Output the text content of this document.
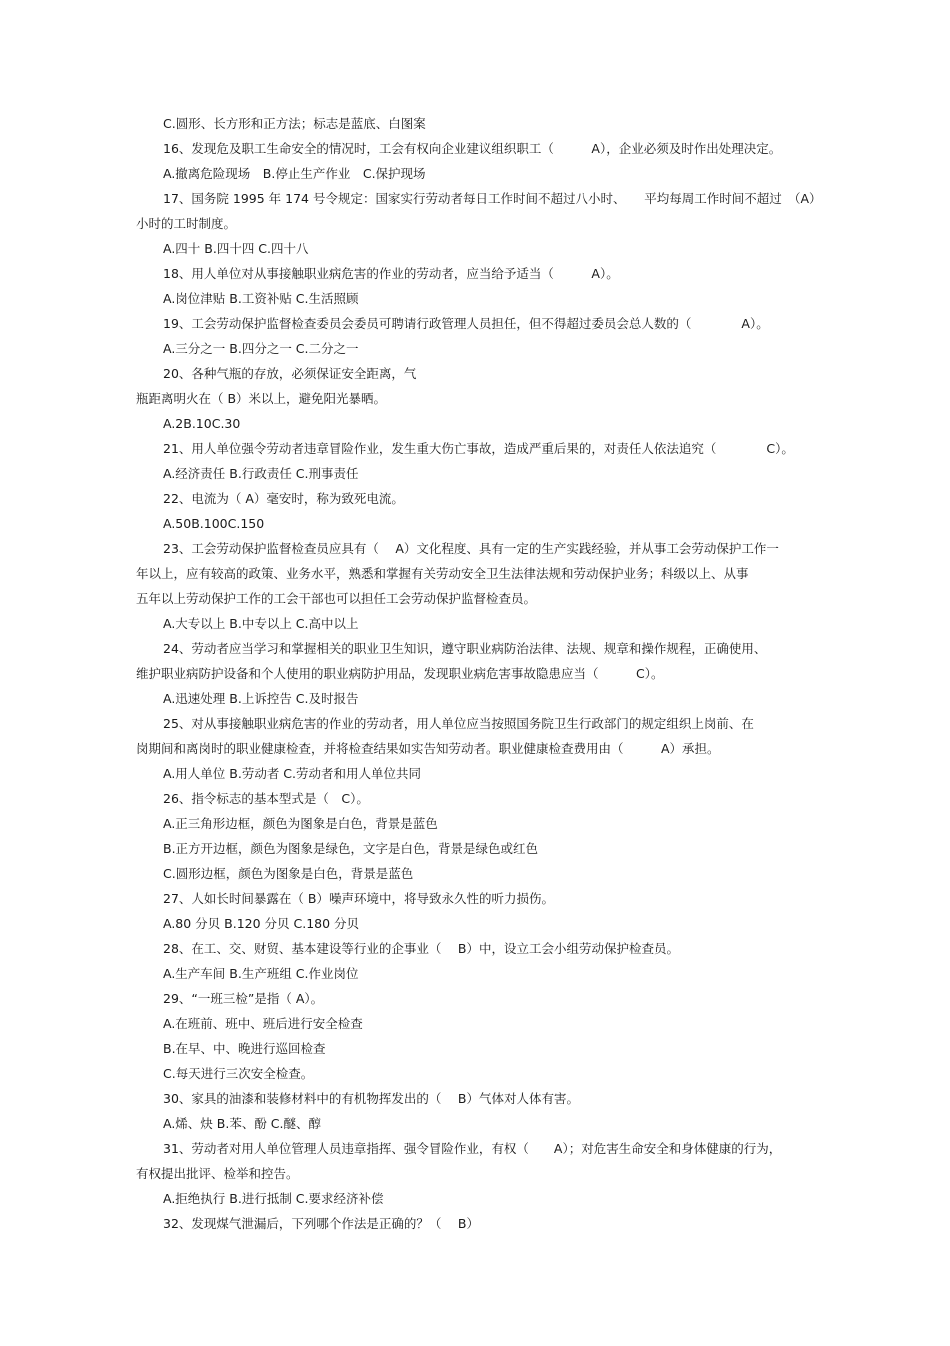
C.圆形、长方形和正方法；标志是蓝底、白图案
16、发现危及职工生命安全的情况时，工会有权向企业建议组织职工（　　　A），企业必须及时作出处理决定。
A.撤离危险现场　B.停止生产作业　C.保护现场
17、国务院 1995 年 174 号令规定：国家实行劳动者每日工作时间不超过八小时、　　平均每周工作时间不超过　（A）
小时的工时制度。
A.四十 B.四十四 C.四十八
18、用人单位对从事接触职业病危害的作业的劳动者，应当给予适当（　　　A）。
A.岗位津贴 B.工资补贴 C.生活照顾
19、工会劳动保护监督检查委员会委员可聘请行政管理人员担任，但不得超过委员会总人数的（　　　　A）。
A.三分之一 B.四分之一 C.二分之一
20、各种气瓶的存放，必须保证安全距离，气
瓶距离明火在（ B）米以上，避免阳光暴晒。
A.2B.10C.30
21、用人单位强令劳动者违章冒险作业，发生重大伤亡事故，造成严重后果的，对责任人依法追究（　　　　C）。
A.经济责任 B.行政责任 C.刑事责任
22、电流为（ A）毫安时，称为致死电流。
A.50B.100C.150
23、工会劳动保护监督检查员应具有（　 A）文化程度、具有一定的生产实践经验，并从事工会劳动保护工作一
年以上，应有较高的政策、业务水平，熟悉和掌握有关劳动安全卫生法律法规和劳动保护业务；科级以上、从事
五年以上劳动保护工作的工会干部也可以担任工会劳动保护监督检查员。
A.大专以上 B.中专以上 C.高中以上
24、劳动者应当学习和掌握相关的职业卫生知识，遵守职业病防治法律、法规、规章和操作规程，正确使用、
维护职业病防护设备和个人使用的职业病防护用品，发现职业病危害事故隐患应当（　　　C）。
A.迅速处理 B.上诉控告 C.及时报告
25、对从事接触职业病危害的作业的劳动者，用人单位应当按照国务院卫生行政部门的规定组织上岗前、在
岗期间和离岗时的职业健康检查，并将检查结果如实告知劳动者。职业健康检查费用由（　　　A）承担。
A.用人单位 B.劳动者 C.劳动者和用人单位共同
26、指令标志的基本型式是（　C）。
A.正三角形边框，颜色为图象是白色，背景是蓝色
B.正方开边框，颜色为图象是绿色，文字是白色，背景是绿色或红色
C.圆形边框，颜色为图象是白色，背景是蓝色
27、人如长时间暴露在（ B）噪声环境中，将导致永久性的听力损伤。
A.80 分贝 B.120 分贝 C.180 分贝
28、在工、交、财贸、基本建设等行业的企事业（　 B）中，设立工会小组劳动保护检查员。
A.生产车间 B.生产班组 C.作业岗位
29、“一班三检”是指（ A）。
A.在班前、班中、班后进行安全检查
B.在早、中、晚进行巡回检查
C.每天进行三次安全检查。
30、家具的油漆和装修材料中的有机物挥发出的（　 B）气体对人体有害。
A.烯、炔 B.苯、酚 C.醚、醇
31、劳动者对用人单位管理人员违章指挥、强令冒险作业，有权（　　A）；对危害生命安全和身体健康的行为，
有权提出批评、检举和控告。
A.拒绝执行 B.进行抵制 C.要求经济补偿
32、发现煤气泄漏后，下列哪个作法是正确的？（　 B）
